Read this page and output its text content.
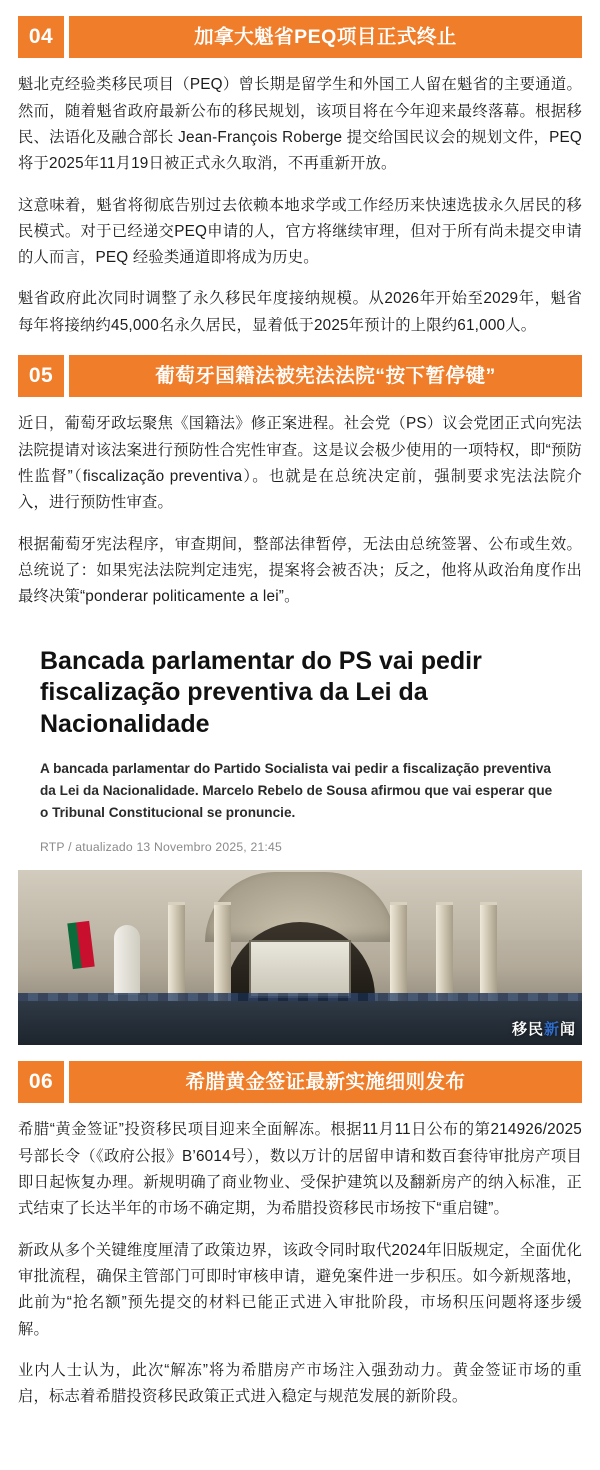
04	加拿大魁省PEQ项目正式终止

魁北克经验类移民项目（PEQ）曾长期是留学生和外国工人留在魁省的主要通道。然而，随着魁省政府最新公布的移民规划，该项目将在今年迎来最终落幕。根据移民、法语化及融合部长 Jean-François Roberge 提交给国民议会的规划文件，PEQ将于2025年11月19日被正式永久取消，不再重新开放。

这意味着，魁省将彻底告别过去依赖本地求学或工作经历来快速选拔永久居民的移民模式。对于已经递交PEQ申请的人，官方将继续审理，但对于所有尚未提交申请的人而言，PEQ 经验类通道即将成为历史。

魁省政府此次同时调整了永久移民年度接纳规模。从2026年开始至2029年，魁省每年将接纳约45,000名永久居民，显着低于2025年预计的上限约61,000人。

05	葡萄牙国籍法被宪法法院“按下暂停键”

近日，葡萄牙政坛聚焦《国籍法》修正案进程。社会党（PS）议会党团正式向宪法法院提请对该法案进行预防性合宪性审查。这是议会极少使用的一项特权，即“预防性监督”（fiscalização preventiva）。也就是在总统决定前，强制要求宪法法院介入，进行预防性审查。

根据葡萄牙宪法程序，审查期间，整部法律暂停，无法由总统签署、公布或生效。总统说了：如果宪法法院判定违宪，提案将会被否决；反之，他将从政治角度作出最终决策“ponderar politicamente a lei”。

Bancada parlamentar do PS vai pedir fiscalização preventiva da Lei da Nacionalidade
A bancada parlamentar do Partido Socialista vai pedir a fiscalização preventiva da Lei da Nacionalidade. Marcelo Rebelo de Sousa afirmou que vai esperar que o Tribunal Constitucional se pronuncie.
RTP / atualizado 13 Novembro 2025, 21:45
移民新闻
06	希腊黄金签证最新实施细则发布

希腊“黄金签证”投资移民项目迎来全面解冻。根据11月11日公布的第214926/2025号部长令（《政府公报》B’6014号），数以万计的居留申请和数百套待审批房产项目即日起恢复办理。新规明确了商业物业、受保护建筑以及翻新房产的纳入标准，正式结束了长达半年的市场不确定期，为希腊投资移民市场按下“重启键”。

新政从多个关键维度厘清了政策边界，该政令同时取代2024年旧版规定，全面优化审批流程，确保主管部门可即时审核申请，避免案件进一步积压。如今新规落地，此前为“抢名额”预先提交的材料已能正式进入审批阶段，市场积压问题将逐步缓解。

业内人士认为，此次“解冻”将为希腊房产市场注入强劲动力。黄金签证市场的重启，标志着希腊投资移民政策正式进入稳定与规范发展的新阶段。
